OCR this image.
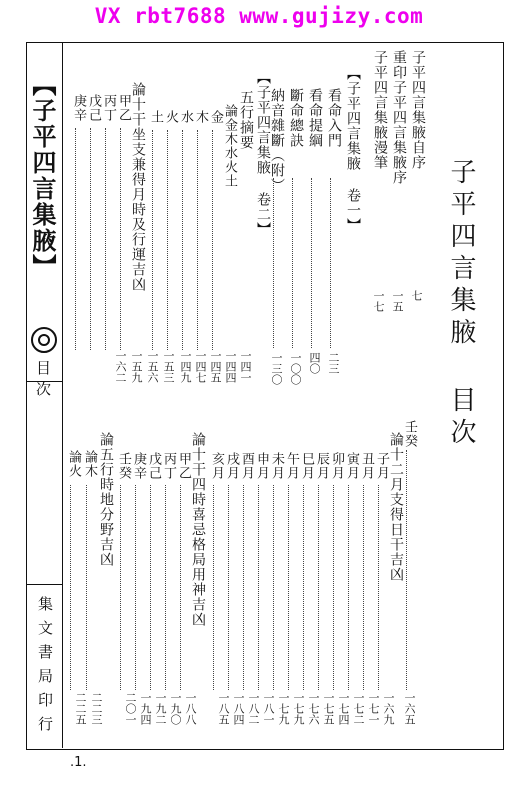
VX rbt7688 www.gujizy.com
【子平四言集腋】
目次
集文書局印行
子平四言集腋 目次
子平四言集腋自序
重印子平四言集腋序
子平四言集腋漫筆
【子平四言集腋 卷一】
看命入門
看命提綱
斷命總訣
納音雜斷（附）
【子平四言集腋 卷二】
五行摘要
論金木水火土
金
木
水
火
土
論十干坐支兼得月時及行運吉凶
甲乙
丙丁
戊己
庚辛
二三
四〇
一〇〇
一三〇
一四一
一四四
一四五
一四七
一四九
一五三
一五六
一五九
一六二
七
一五
一七
壬癸
論十二月支得日干吉凶
子月
丑月
寅月
卯月
辰月
巳月
午月
未月
申月
酉月
戌月
亥月
論十干四時喜忌格局用神吉凶
甲乙
丙丁
戊己
庚辛
壬癸
論五行時地分野吉凶
論木
論火
一六五
一六九
一七一
一七二
一七四
一七五
一七六
一七九
一七九
一八一
一八二
一八四
一八五
一八八
一九〇
一九二
一九四
二〇一
二二三
二二五
.1.
